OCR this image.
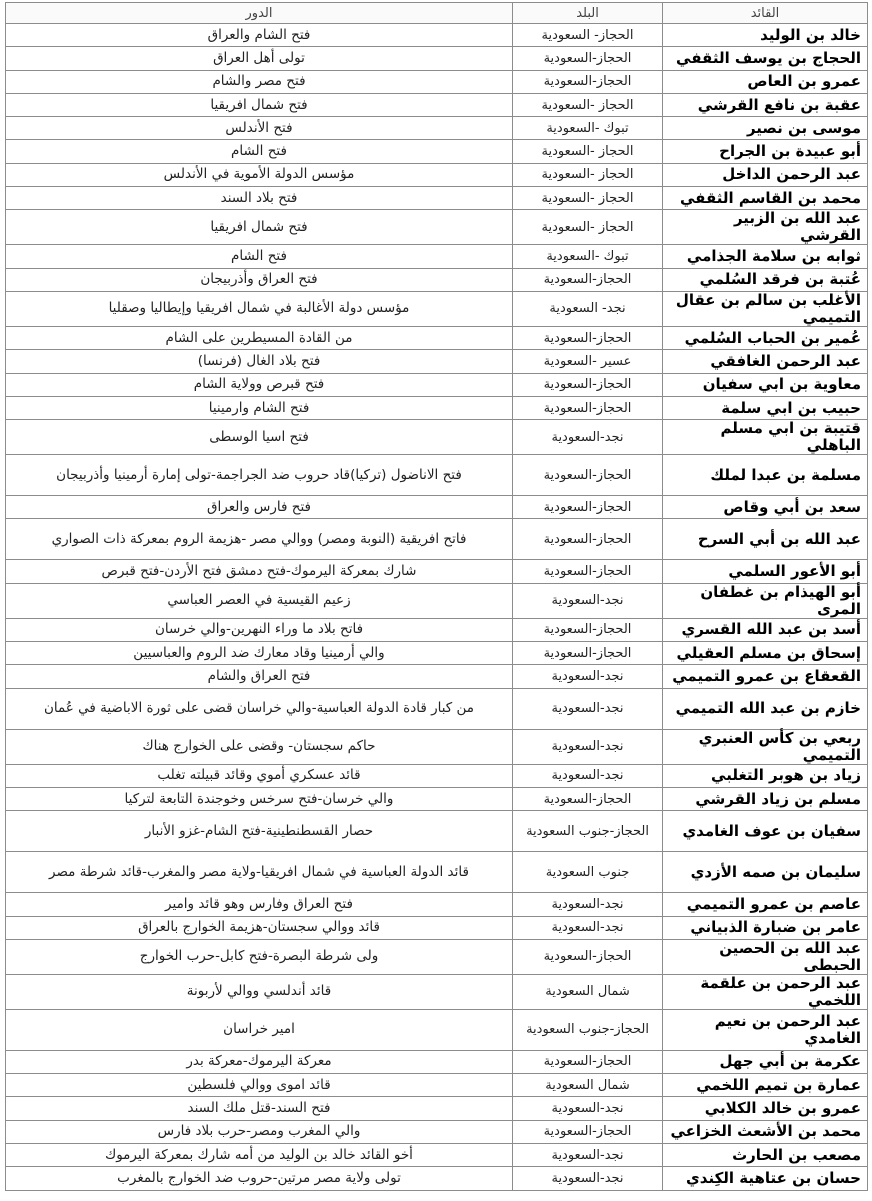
القائد	البلد	الدور
خالد بن الوليد	الحجاز- السعودية	فتح الشام والعراق
الحجاج بن يوسف الثقفي	الحجاز-السعودية	تولى أهل العراق
عمرو بن العاص	الحجاز-السعودية	فتح مصر والشام
عقبة بن نافع القرشي	الحجاز -السعودية	فتح شمال افريقيا
موسى بن نصير	تبوك -السعودية	فتح الأندلس
أبو عبيدة بن الجراح	الحجاز -السعودية	فتح الشام
عبد الرحمن الداخل	الحجاز -السعودية	مؤسس الدولة الأموية في الأندلس
محمد بن القاسم الثقفي	الحجاز -السعودية	فتح بلاد السند
عبد الله بن الزبير القرشي	الحجاز -السعودية	فتح شمال افريقيا
ثوابه بن سلامة الجذامي	تبوك -السعودية	فتح الشام
عُتبة بن فرقد السُلمي	الحجاز-السعودية	فتح العراق وأذربيجان
الأغلب بن سالم بن عقال التميمي	نجد- السعودية	مؤسس دولة الأغالبة في شمال افريقيا وإيطاليا وصقليا
عُمير بن الحباب السُلمي	الحجاز-السعودية	من القادة المسيطرين على الشام
عبد الرحمن الغافقي	عسير -السعودية	فتح بلاد الغال (فرنسا)
معاوية بن ابي سفيان	الحجاز-السعودية	فتح قبرص وولاية الشام
حبيب بن ابي سلمة	الحجاز-السعودية	فتح الشام وارمينيا
قتيبة بن ابي مسلم الباهلي	نجد-السعودية	فتح اسيا الوسطى
مسلمة بن عبدا لملك	الحجاز-السعودية	فتح الاناضول (تركيا)قاد حروب ضد الجراجمة-تولى إمارة أرمينيا وأذربيجان
سعد بن أبي وقاص	الحجاز-السعودية	فتح فارس والعراق
عبد الله بن أبي السرح	الحجاز-السعودية	فاتح افريقية (النوبة ومصر) ووالي مصر -هزيمة الروم بمعركة ذات الصواري
أبو الأعور السلمي	الحجاز-السعودية	شارك بمعركة اليرموك-فتح دمشق فتح الأردن-فتح قبرص
أبو الهيذام بن غطفان المرى	نجد-السعودية	زعيم القيسية في العصر العباسي
أسد بن عبد الله القسري	الحجاز-السعودية	فاتح بلاد ما وراء النهرين-والي خرسان
إسحاق بن مسلم العقيلي	الحجاز-السعودية	والي أرمينيا وقاد معارك ضد الروم والعباسيين
القعقاع بن عمرو التميمي	نجد-السعودية	فتح العراق والشام
خازم بن عبد الله التميمي	نجد-السعودية	من كبار قادة الدولة العباسية-والي خراسان قضى على ثورة الاباضية في عُمان
ربعي بن كأس العنبري التميمي	نجد-السعودية	حاكم سجستان- وقضى على الخوارج هناك
زياد بن هوبر التغلبي	نجد-السعودية	قائد عسكري أموي وقائد قبيلته تغلب
مسلم بن زياد القرشي	الحجاز-السعودية	والي خرسان-فتح سرخس وخوجندة التابعة لتركيا
سفيان بن عوف الغامدي	الحجاز-جنوب السعودية	حصار القسطنطينية-فتح الشام-غزو الأنبار
سليمان بن صمه الأزدي	جنوب السعودية	قائد الدولة العباسية في شمال افريقيا-ولاية مصر والمغرب-قائد شرطة مصر
عاصم بن عمرو التميمي	نجد-السعودية	فتح العراق وفارس وهو قائد وامير
عامر بن ضبارة الذبياني	نجد-السعودية	قائد ووالي سجستان-هزيمة الخوارج بالعراق
عبد الله بن الحصين الحبطى	الحجاز-السعودية	ولى شرطة البصرة-فتح كابل-حرب الخوارج
عبد الرحمن بن علقمة اللخمي	شمال السعودية	قائد أندلسي ووالي لأربونة
عبد الرحمن بن نعيم الغامدي	الحجاز-جنوب السعودية	امير خراسان
عكرمة بن أبي جهل	الحجاز-السعودية	معركة اليرموك-معركة بدر
عمارة بن تميم اللخمي	شمال السعودية	قائد اموى ووالي فلسطين
عمرو بن خالد الكلابي	نجد-السعودية	فتح السند-قتل ملك السند
محمد بن الأشعث الخزاعي	الحجاز-السعودية	والي المغرب ومصر-حرب بلاد فارس
مصعب بن الحارث	نجد-السعودية	أخو القائد خالد بن الوليد من أمه شارك بمعركة اليرموك
حسان بن عتاهية الكِندي	نجد-السعودية	تولى ولاية مصر مرتين-حروب ضد الخوارج بالمغرب
